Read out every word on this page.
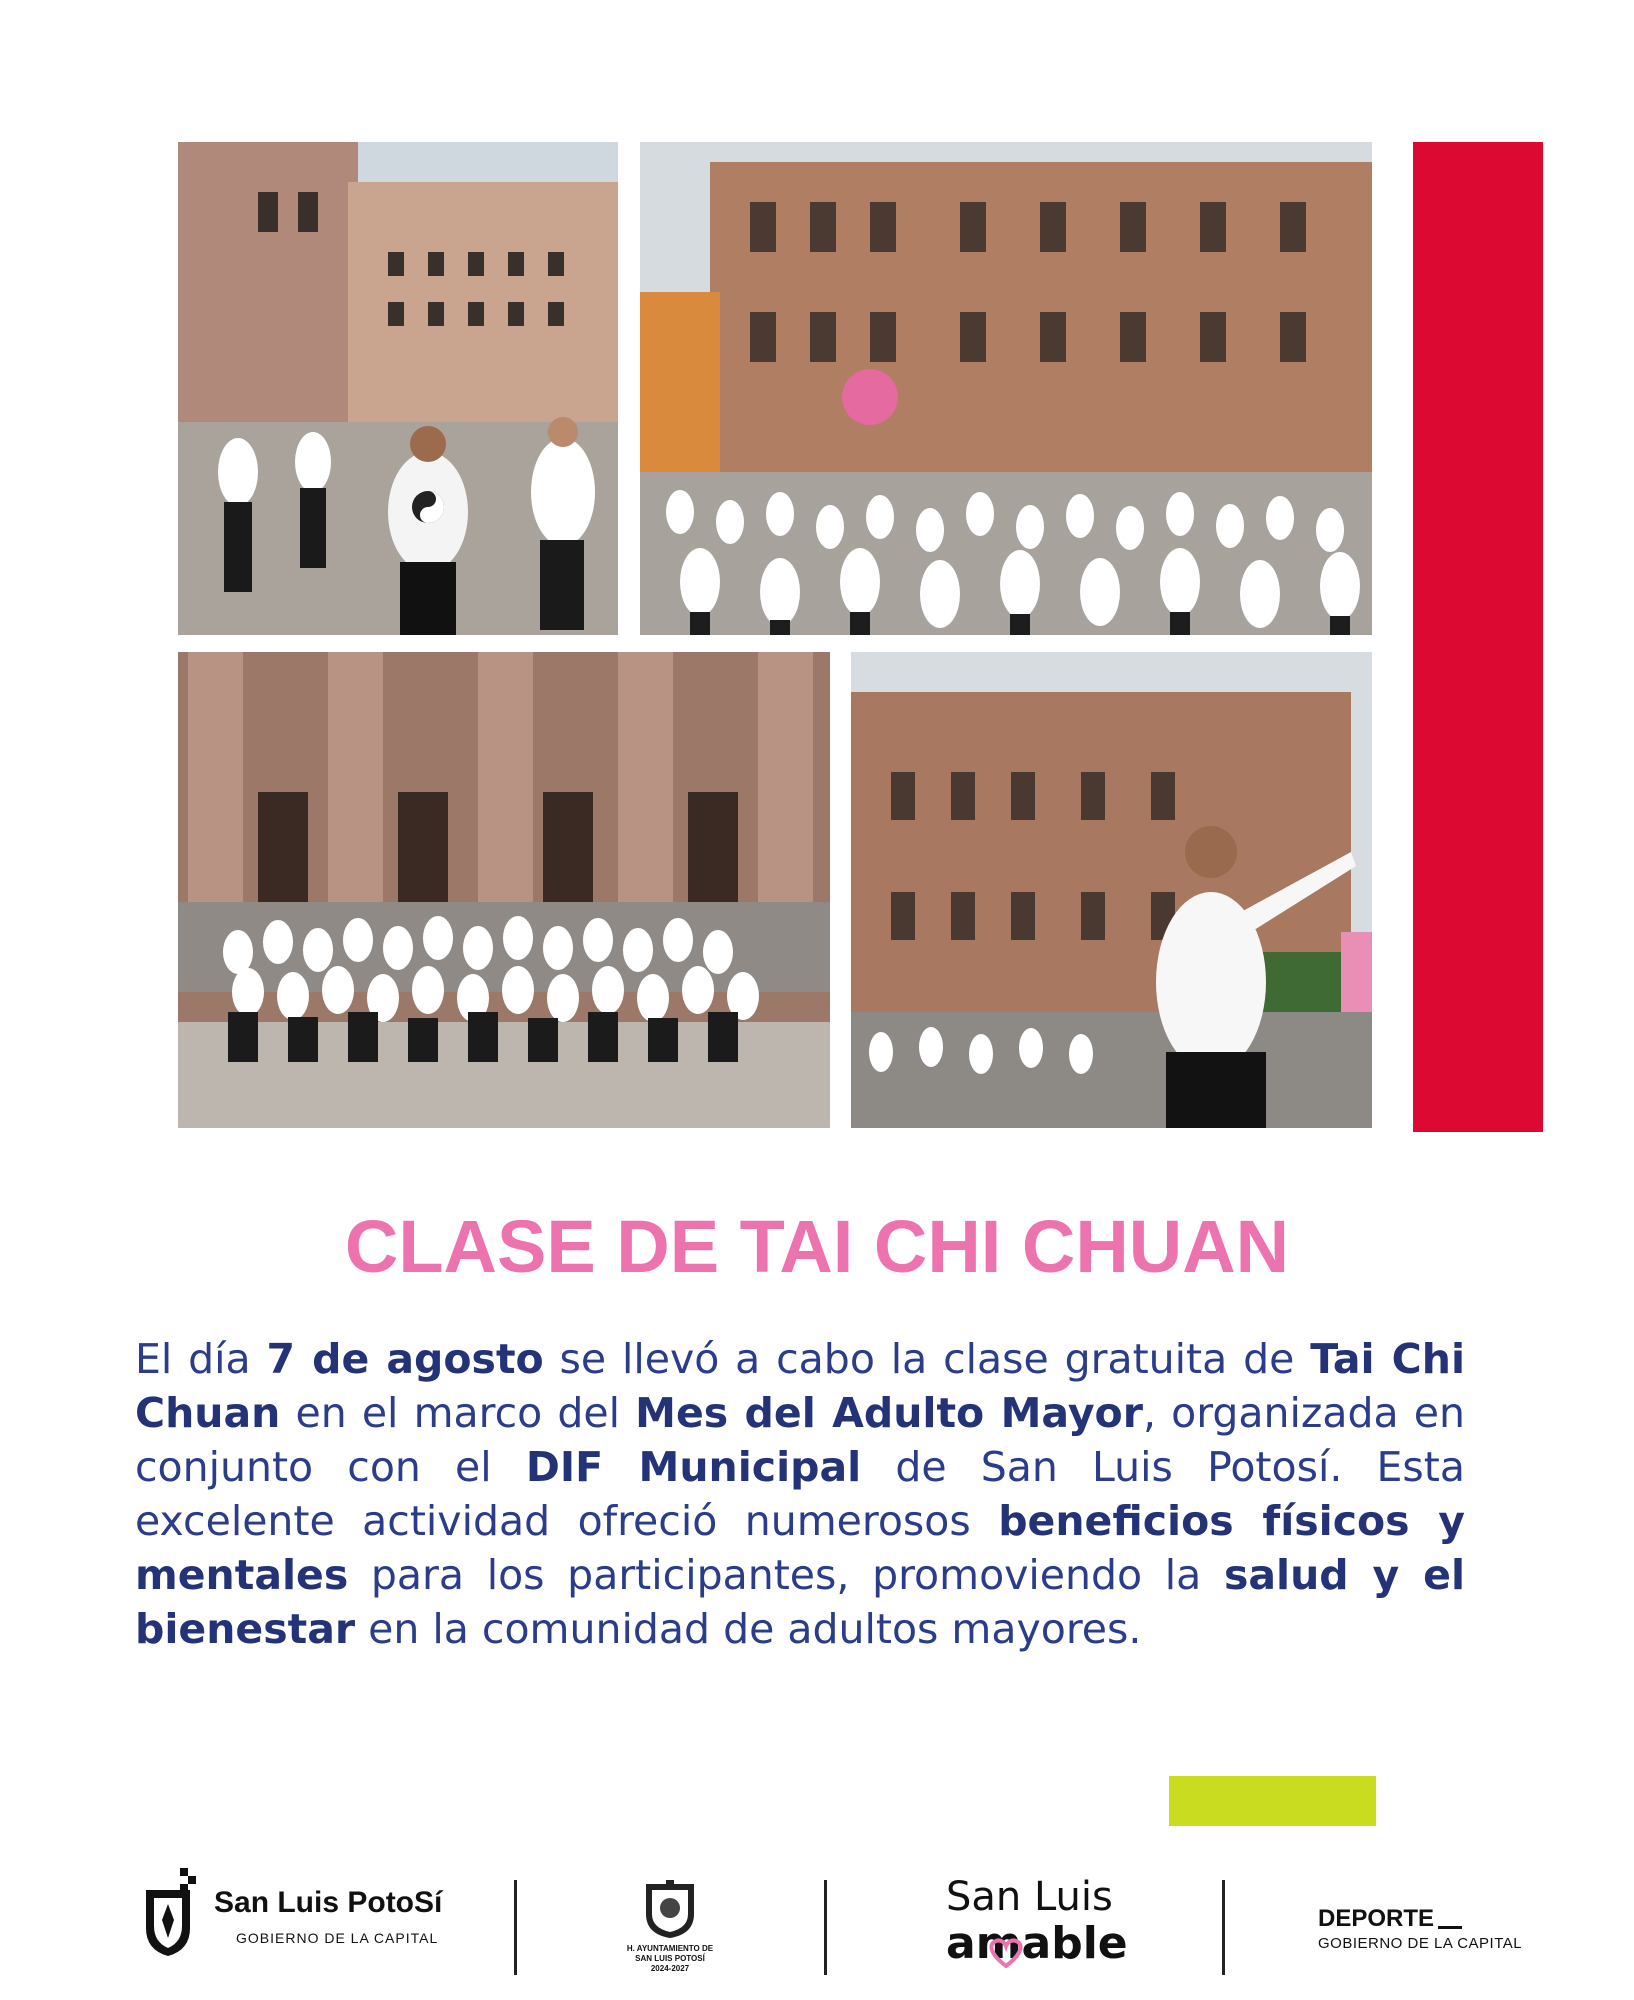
CLASE DE TAI CHI CHUAN

El día 7 de agosto se llevó a cabo la clase gratuita de Tai Chi Chuan en el marco del Mes del Adulto Mayor, organizada en conjunto con el DIF Municipal de San Luis Potosí. Esta excelente actividad ofreció numerosos beneficios físicos y mentales para los participantes, promoviendo la salud y el bienestar en la comunidad de adultos mayores.

San Luis PotoSí
GOBIERNO DE LA CAPITAL
H. AYUNTAMIENTO DE
SAN LUIS POTOSÍ
2024-2027
San Luis
amable	DEPORTE
GOBIERNO DE LA CAPITAL
